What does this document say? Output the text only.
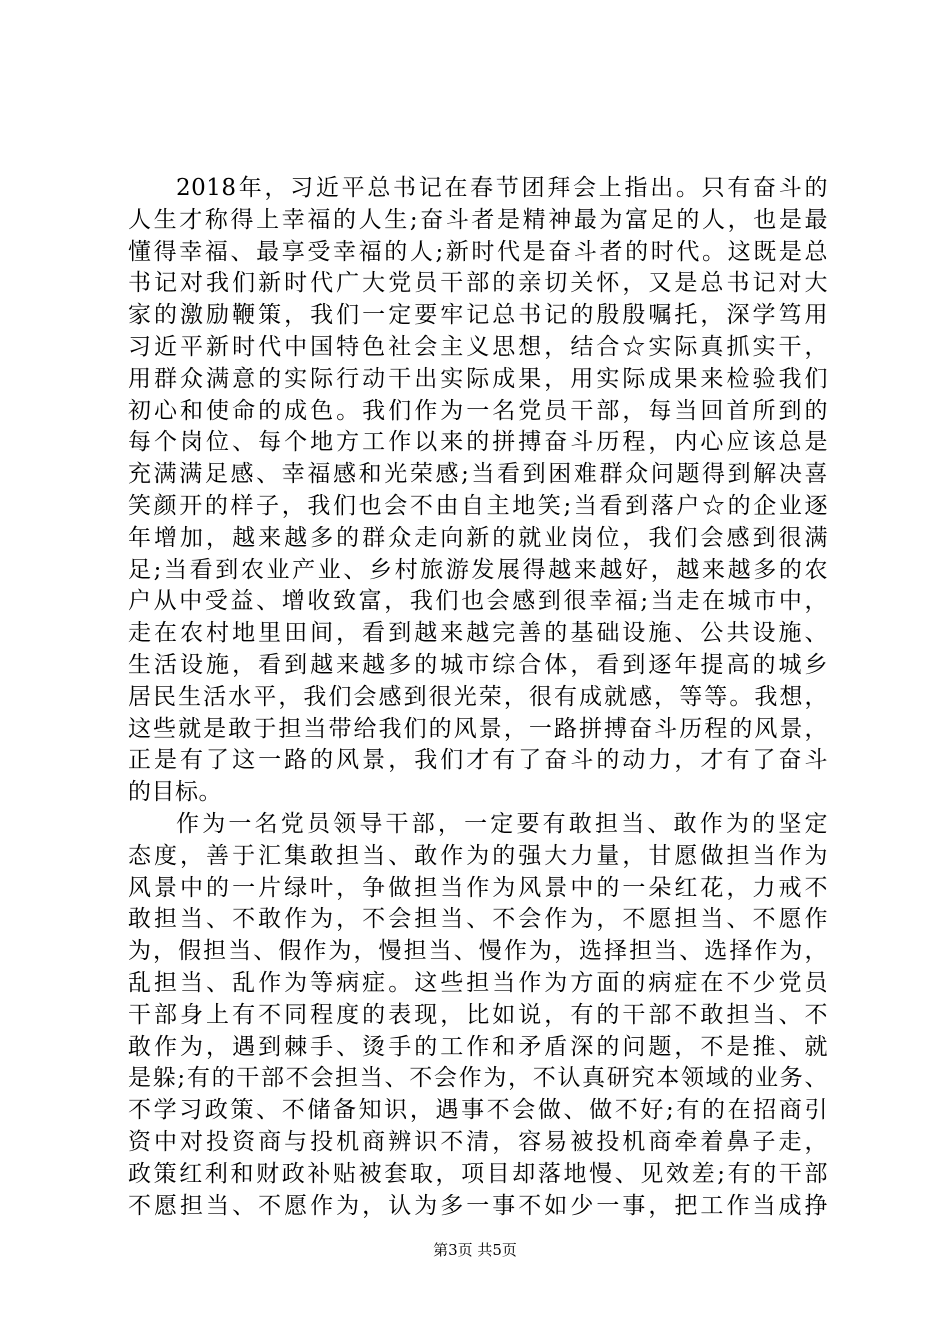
2018年，习近平总书记在春节团拜会上指出。只有奋斗的
人生才称得上幸福的人生;奋斗者是精神最为富足的人，也是最
懂得幸福、最享受幸福的人;新时代是奋斗者的时代。这既是总
书记对我们新时代广大党员干部的亲切关怀，又是总书记对大
家的激励鞭策，我们一定要牢记总书记的殷殷嘱托，深学笃用
习近平新时代中国特色社会主义思想，结合☆实际真抓实干，
用群众满意的实际行动干出实际成果，用实际成果来检验我们
初心和使命的成色。我们作为一名党员干部，每当回首所到的
每个岗位、每个地方工作以来的拼搏奋斗历程，内心应该总是
充满满足感、幸福感和光荣感;当看到困难群众问题得到解决喜
笑颜开的样子，我们也会不由自主地笑;当看到落户☆的企业逐
年增加，越来越多的群众走向新的就业岗位，我们会感到很满
足;当看到农业产业、乡村旅游发展得越来越好，越来越多的农
户从中受益、增收致富，我们也会感到很幸福;当走在城市中，
走在农村地里田间，看到越来越完善的基础设施、公共设施、
生活设施，看到越来越多的城市综合体，看到逐年提高的城乡
居民生活水平，我们会感到很光荣，很有成就感，等等。我想，
这些就是敢于担当带给我们的风景，一路拼搏奋斗历程的风景，
正是有了这一路的风景，我们才有了奋斗的动力，才有了奋斗
的目标。
作为一名党员领导干部，一定要有敢担当、敢作为的坚定
态度，善于汇集敢担当、敢作为的强大力量，甘愿做担当作为
风景中的一片绿叶，争做担当作为风景中的一朵红花，力戒不
敢担当、不敢作为，不会担当、不会作为，不愿担当、不愿作
为，假担当、假作为，慢担当、慢作为，选择担当、选择作为，
乱担当、乱作为等病症。这些担当作为方面的病症在不少党员
干部身上有不同程度的表现，比如说，有的干部不敢担当、不
敢作为，遇到棘手、烫手的工作和矛盾深的问题，不是推、就
是躲;有的干部不会担当、不会作为，不认真研究本领域的业务、
不学习政策、不储备知识，遇事不会做、做不好;有的在招商引
资中对投资商与投机商辨识不清，容易被投机商牵着鼻子走，
政策红利和财政补贴被套取，项目却落地慢、见效差;有的干部
不愿担当、不愿作为，认为多一事不如少一事，把工作当成挣
第3页 共5页
